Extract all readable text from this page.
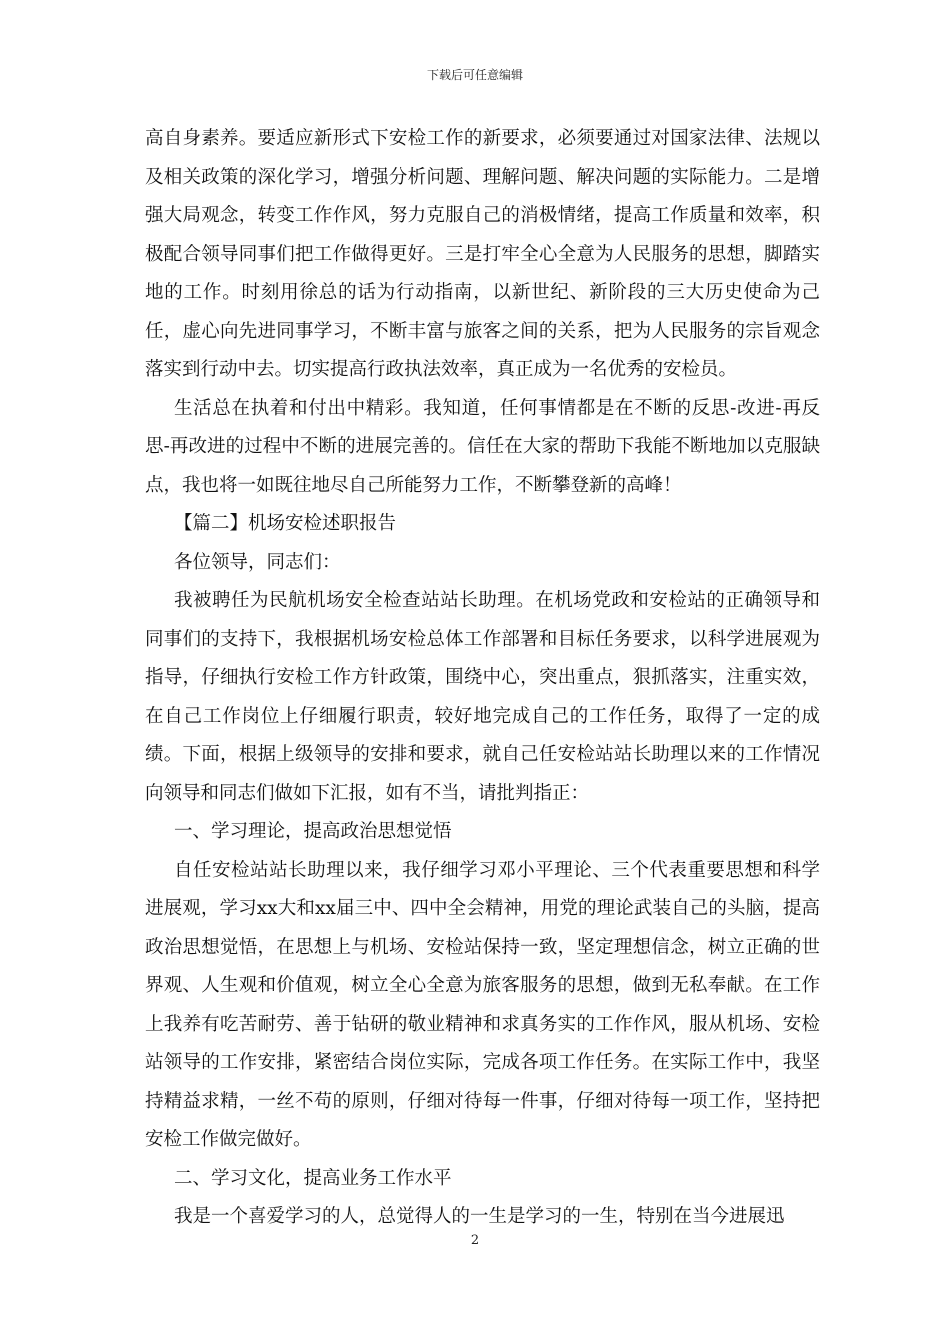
下载后可任意编辑

高自身素养。要适应新形式下安检工作的新要求，必须要通过对国家法律、法规以及相关政策的深化学习，增强分析问题、理解问题、解决问题的实际能力。二是增强大局观念，转变工作作风，努力克服自己的消极情绪，提高工作质量和效率，积极配合领导同事们把工作做得更好。三是打牢全心全意为人民服务的思想，脚踏实地的工作。时刻用徐总的话为行动指南，以新世纪、新阶段的三大历史使命为己任，虚心向先进同事学习，不断丰富与旅客之间的关系，把为人民服务的宗旨观念落实到行动中去。切实提高行政执法效率，真正成为一名优秀的安检员。

生活总在执着和付出中精彩。我知道，任何事情都是在不断的反思-改进-再反思-再改进的过程中不断的进展完善的。信任在大家的帮助下我能不断地加以克服缺点，我也将一如既往地尽自己所能努力工作，不断攀登新的高峰！

【篇二】机场安检述职报告

各位领导，同志们：

我被聘任为民航机场安全检查站站长助理。在机场党政和安检站的正确领导和同事们的支持下，我根据机场安检总体工作部署和目标任务要求，以科学进展观为指导，仔细执行安检工作方针政策，围绕中心，突出重点，狠抓落实，注重实效，在自己工作岗位上仔细履行职责，较好地完成自己的工作任务，取得了一定的成绩。下面，根据上级领导的安排和要求，就自己任安检站站长助理以来的工作情况向领导和同志们做如下汇报，如有不当，请批判指正：

一、学习理论，提高政治思想觉悟

自任安检站站长助理以来，我仔细学习邓小平理论、三个代表重要思想和科学进展观，学习xx大和xx届三中、四中全会精神，用党的理论武装自己的头脑，提高政治思想觉悟，在思想上与机场、安检站保持一致，坚定理想信念，树立正确的世界观、人生观和价值观，树立全心全意为旅客服务的思想，做到无私奉献。在工作上我养有吃苦耐劳、善于钻研的敬业精神和求真务实的工作作风，服从机场、安检站领导的工作安排，紧密结合岗位实际，完成各项工作任务。在实际工作中，我坚持精益求精，一丝不苟的原则，仔细对待每一件事，仔细对待每一项工作，坚持把安检工作做完做好。

二、学习文化，提高业务工作水平

我是一个喜爱学习的人，总觉得人的一生是学习的一生，特别在当今进展迅

2
